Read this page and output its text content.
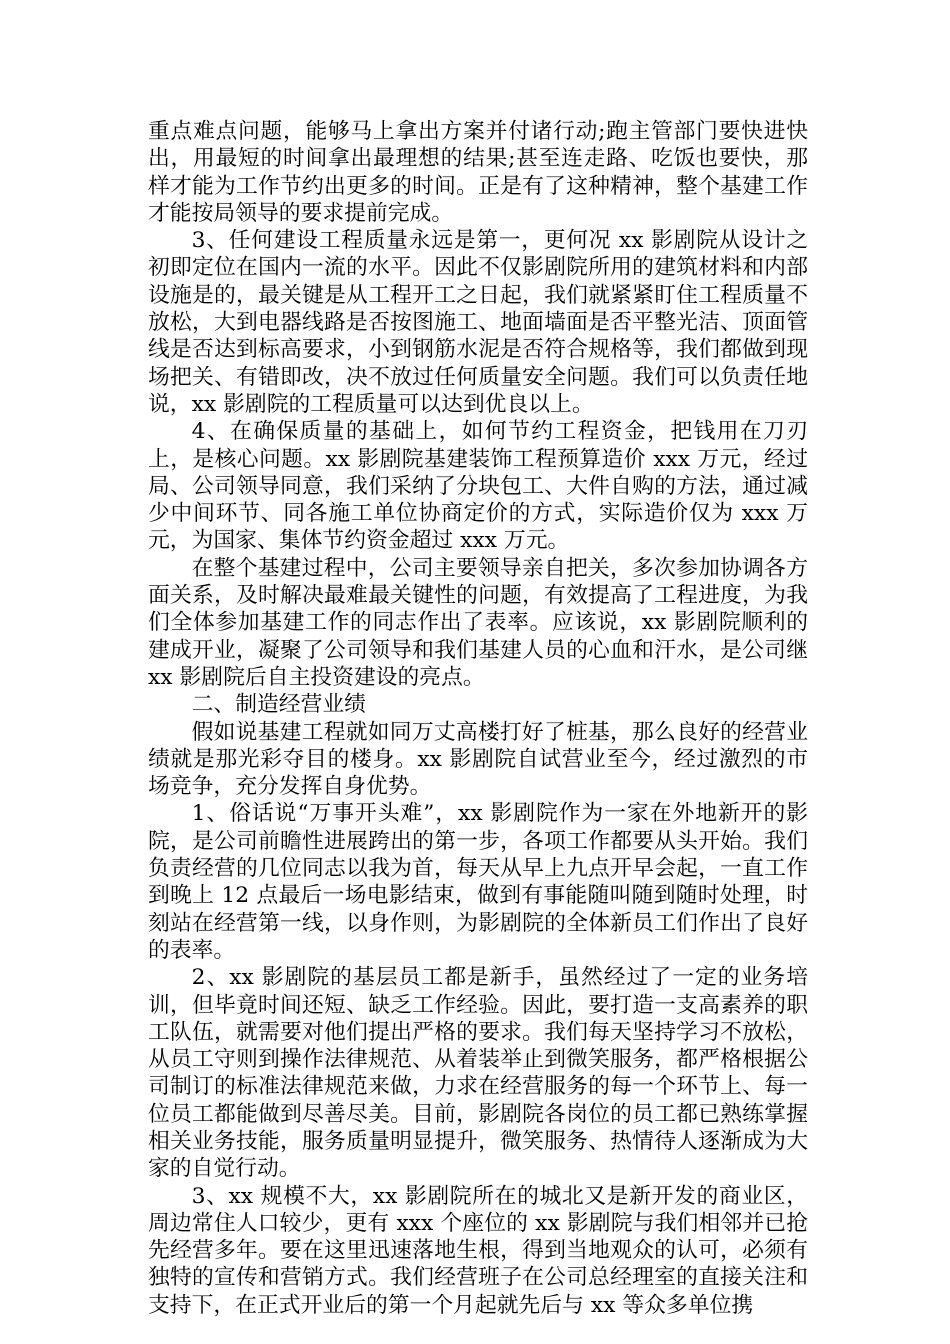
重点难点问题，能够马上拿出方案并付诸行动;跑主管部门要快进快出，用最短的时间拿出最理想的结果;甚至连走路、吃饭也要快，那样才能为工作节约出更多的时间。正是有了这种精神，整个基建工作才能按局领导的要求提前完成。

3、任何建设工程质量永远是第一，更何况 xx 影剧院从设计之初即定位在国内一流的水平。因此不仅影剧院所用的建筑材料和内部设施是的，最关键是从工程开工之日起，我们就紧紧盯住工程质量不放松，大到电器线路是否按图施工、地面墙面是否平整光洁、顶面管线是否达到标高要求，小到钢筋水泥是否符合规格等，我们都做到现场把关、有错即改，决不放过任何质量安全问题。我们可以负责任地说，xx 影剧院的工程质量可以达到优良以上。

4、在确保质量的基础上，如何节约工程资金，把钱用在刀刃上，是核心问题。xx 影剧院基建装饰工程预算造价 xxx 万元，经过局、公司领导同意，我们采纳了分块包工、大件自购的方法，通过减少中间环节、同各施工单位协商定价的方式，实际造价仅为 xxx 万元，为国家、集体节约资金超过 xxx 万元。

在整个基建过程中，公司主要领导亲自把关，多次参加协调各方面关系，及时解决最难最关键性的问题，有效提高了工程进度，为我们全体参加基建工作的同志作出了表率。应该说，xx 影剧院顺利的建成开业，凝聚了公司领导和我们基建人员的心血和汗水，是公司继 xx 影剧院后自主投资建设的亮点。

二、制造经营业绩

假如说基建工程就如同万丈高楼打好了桩基，那么良好的经营业绩就是那光彩夺目的楼身。xx 影剧院自试营业至今，经过激烈的市场竞争，充分发挥自身优势。

1、俗话说“万事开头难”，xx 影剧院作为一家在外地新开的影院，是公司前瞻性进展跨出的第一步，各项工作都要从头开始。我们负责经营的几位同志以我为首，每天从早上九点开早会起，一直工作到晚上 12 点最后一场电影结束，做到有事能随叫随到随时处理，时刻站在经营第一线，以身作则，为影剧院的全体新员工们作出了良好的表率。

2、xx 影剧院的基层员工都是新手，虽然经过了一定的业务培训，但毕竟时间还短、缺乏工作经验。因此，要打造一支高素养的职工队伍，就需要对他们提出严格的要求。我们每天坚持学习不放松，从员工守则到操作法律规范、从着装举止到微笑服务，都严格根据公司制订的标准法律规范来做，力求在经营服务的每一个环节上、每一位员工都能做到尽善尽美。目前，影剧院各岗位的员工都已熟练掌握相关业务技能，服务质量明显提升，微笑服务、热情待人逐渐成为大家的自觉行动。

3、xx 规模不大，xx 影剧院所在的城北又是新开发的商业区，周边常住人口较少，更有 xxx 个座位的 xx 影剧院与我们相邻并已抢先经营多年。要在这里迅速落地生根，得到当地观众的认可，必须有独特的宣传和营销方式。我们经营班子在公司总经理室的直接关注和支持下，在正式开业后的第一个月起就先后与 xx 等众多单位携
